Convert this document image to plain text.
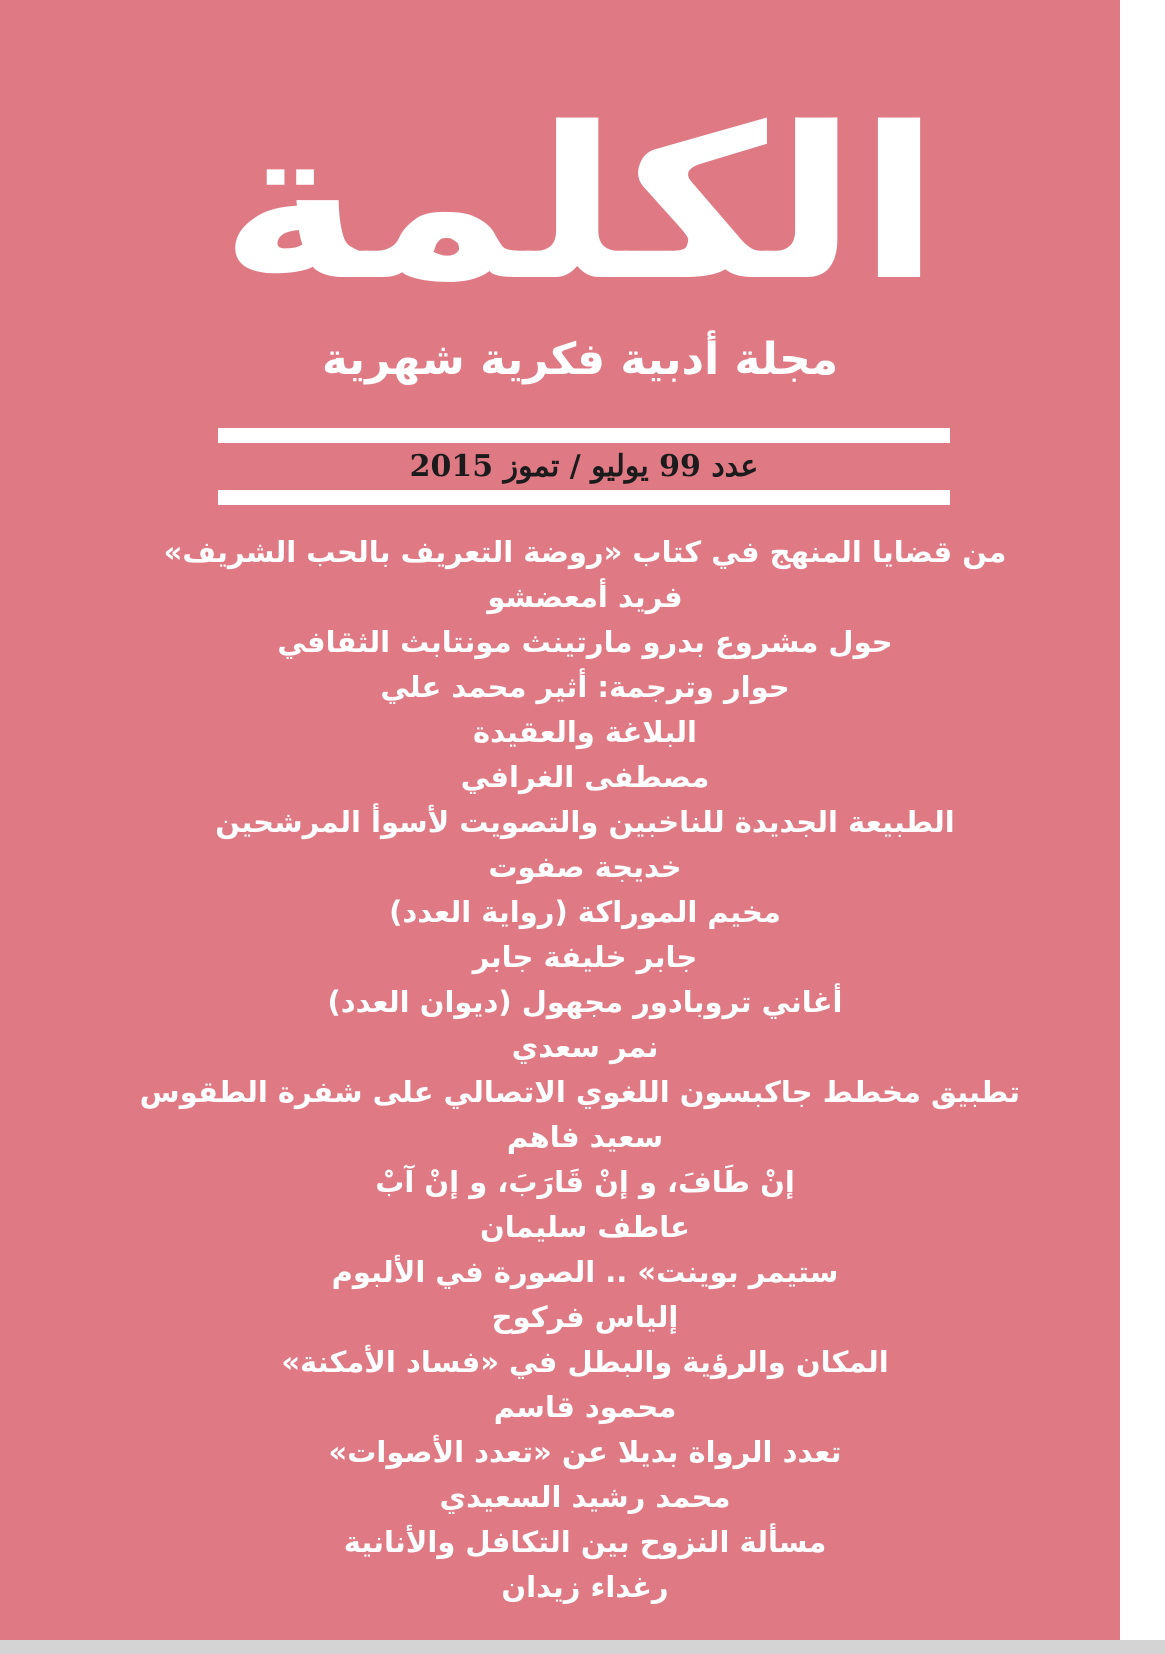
الكلمة
مجلة أدبية فكرية شهرية
عدد 99 يوليو / تموز 2015
من قضايا المنهج في كتاب «روضة التعريف بالحب الشريف»
فريد أمعضشو
حول مشروع بدرو مارتينث مونتابث الثقافي
حوار وترجمة: أثير محمد علي
البلاغة والعقيدة
مصطفى الغرافي
الطبيعة الجديدة للناخبين والتصويت لأسوأ المرشحين
خديجة صفوت
مخيم الموراكة (رواية العدد)
جابر خليفة جابر
أغاني تروبادور مجهول (ديوان العدد)
نمر سعدي
تطبيق مخطط جاكبسون اللغوي الاتصالي على شفرة الطقوس
سعيد فاهم
إنْ طَافَ، و إنْ قَارَبَ، و إنْ آبْ
عاطف سليمان
ستيمر بوينت» .. الصورة في الألبوم
إلياس فركوح
المكان والرؤية والبطل في «فساد الأمكنة»
محمود قاسم
تعدد الرواة بديلا عن «تعدد الأصوات»
محمد رشيد السعيدي
مسألة النزوح بين التكافل والأنانية
رغداء زيدان
